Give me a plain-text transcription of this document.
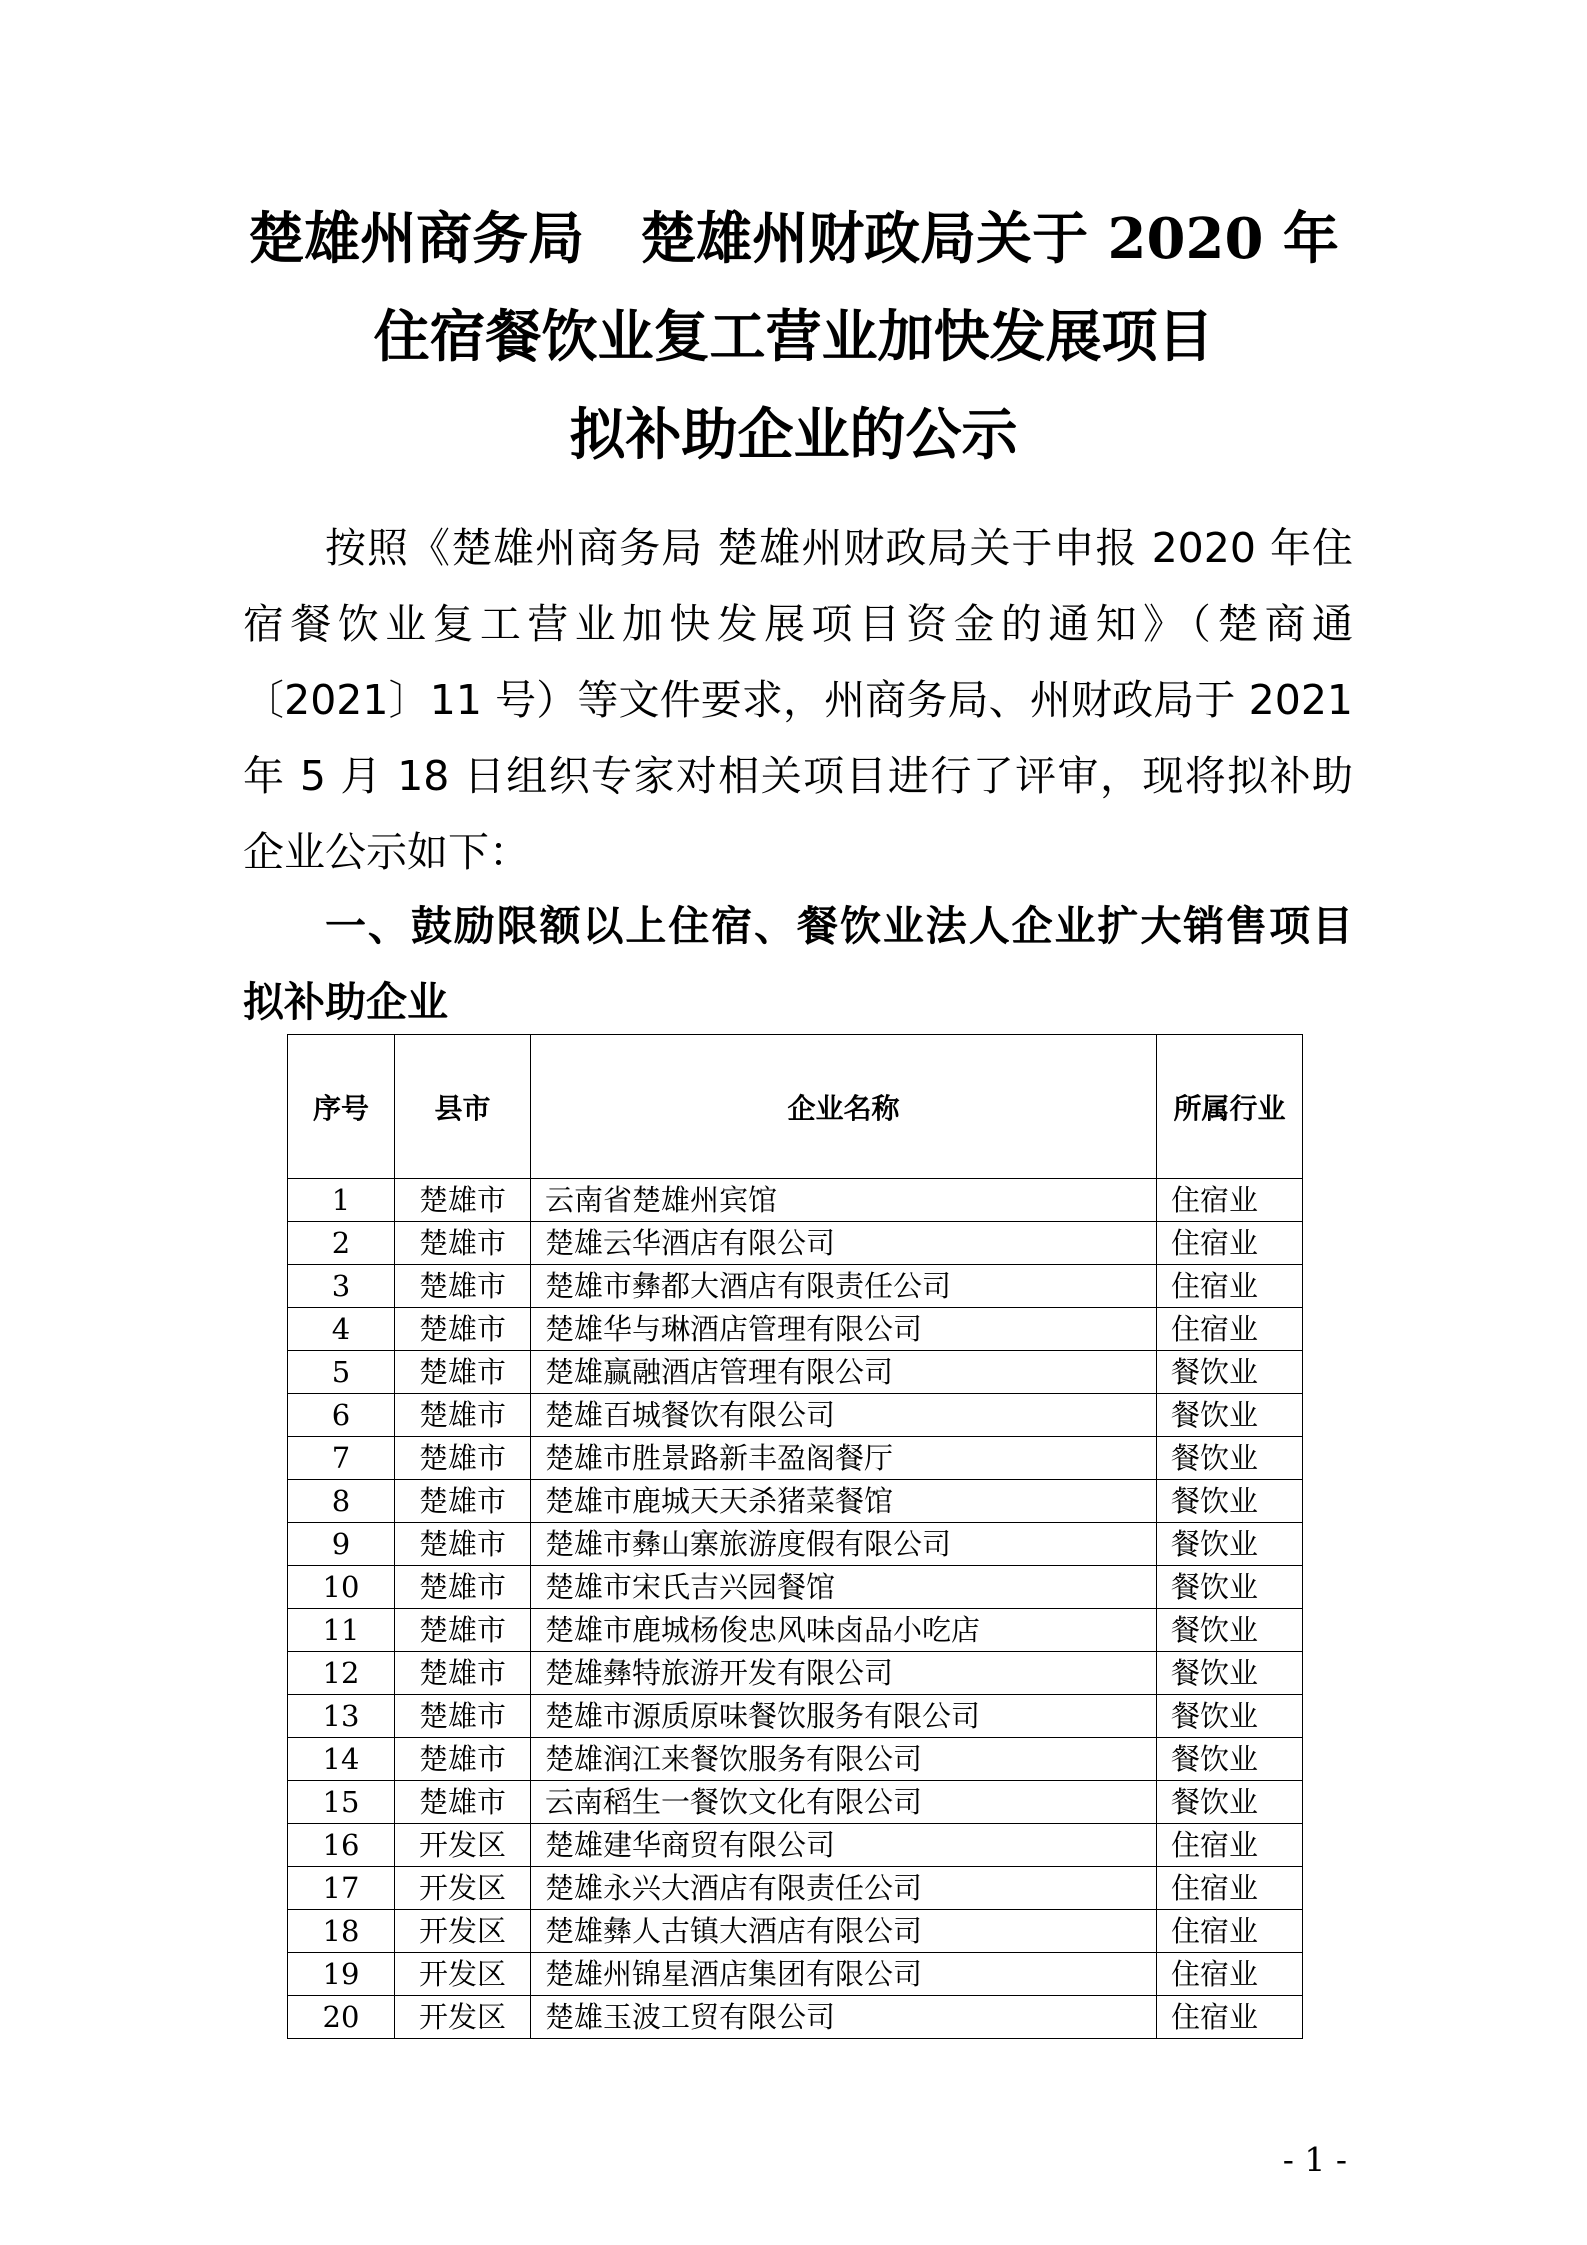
楚雄州商务局　楚雄州财政局关于 2020 年
住宿餐饮业复工营业加快发展项目
拟补助企业的公示
按照《楚雄州商务局 楚雄州财政局关于申报 2020 年住
宿餐饮业复工营业加快发展项目资金的通知》（楚商通
〔2021〕11 号）等文件要求，州商务局、州财政局于 2021
年 5 月 18 日组织专家对相关项目进行了评审，现将拟补助
企业公示如下：
一、鼓励限额以上住宿、餐饮业法人企业扩大销售项目
拟补助企业
序号	县市	企业名称	所属行业
1	楚雄市	云南省楚雄州宾馆	住宿业
2	楚雄市	楚雄云华酒店有限公司	住宿业
3	楚雄市	楚雄市彝都大酒店有限责任公司	住宿业
4	楚雄市	楚雄华与琳酒店管理有限公司	住宿业
5	楚雄市	楚雄赢融酒店管理有限公司	餐饮业
6	楚雄市	楚雄百城餐饮有限公司	餐饮业
7	楚雄市	楚雄市胜景路新丰盈阁餐厅	餐饮业
8	楚雄市	楚雄市鹿城天天杀猪菜餐馆	餐饮业
9	楚雄市	楚雄市彝山寨旅游度假有限公司	餐饮业
10	楚雄市	楚雄市宋氏吉兴园餐馆	餐饮业
11	楚雄市	楚雄市鹿城杨俊忠风味卤品小吃店	餐饮业
12	楚雄市	楚雄彝特旅游开发有限公司	餐饮业
13	楚雄市	楚雄市源质原味餐饮服务有限公司	餐饮业
14	楚雄市	楚雄润江来餐饮服务有限公司	餐饮业
15	楚雄市	云南稻生一餐饮文化有限公司	餐饮业
16	开发区	楚雄建华商贸有限公司	住宿业
17	开发区	楚雄永兴大酒店有限责任公司	住宿业
18	开发区	楚雄彝人古镇大酒店有限公司	住宿业
19	开发区	楚雄州锦星酒店集团有限公司	住宿业
20	开发区	楚雄玉波工贸有限公司	住宿业
- 1 -
